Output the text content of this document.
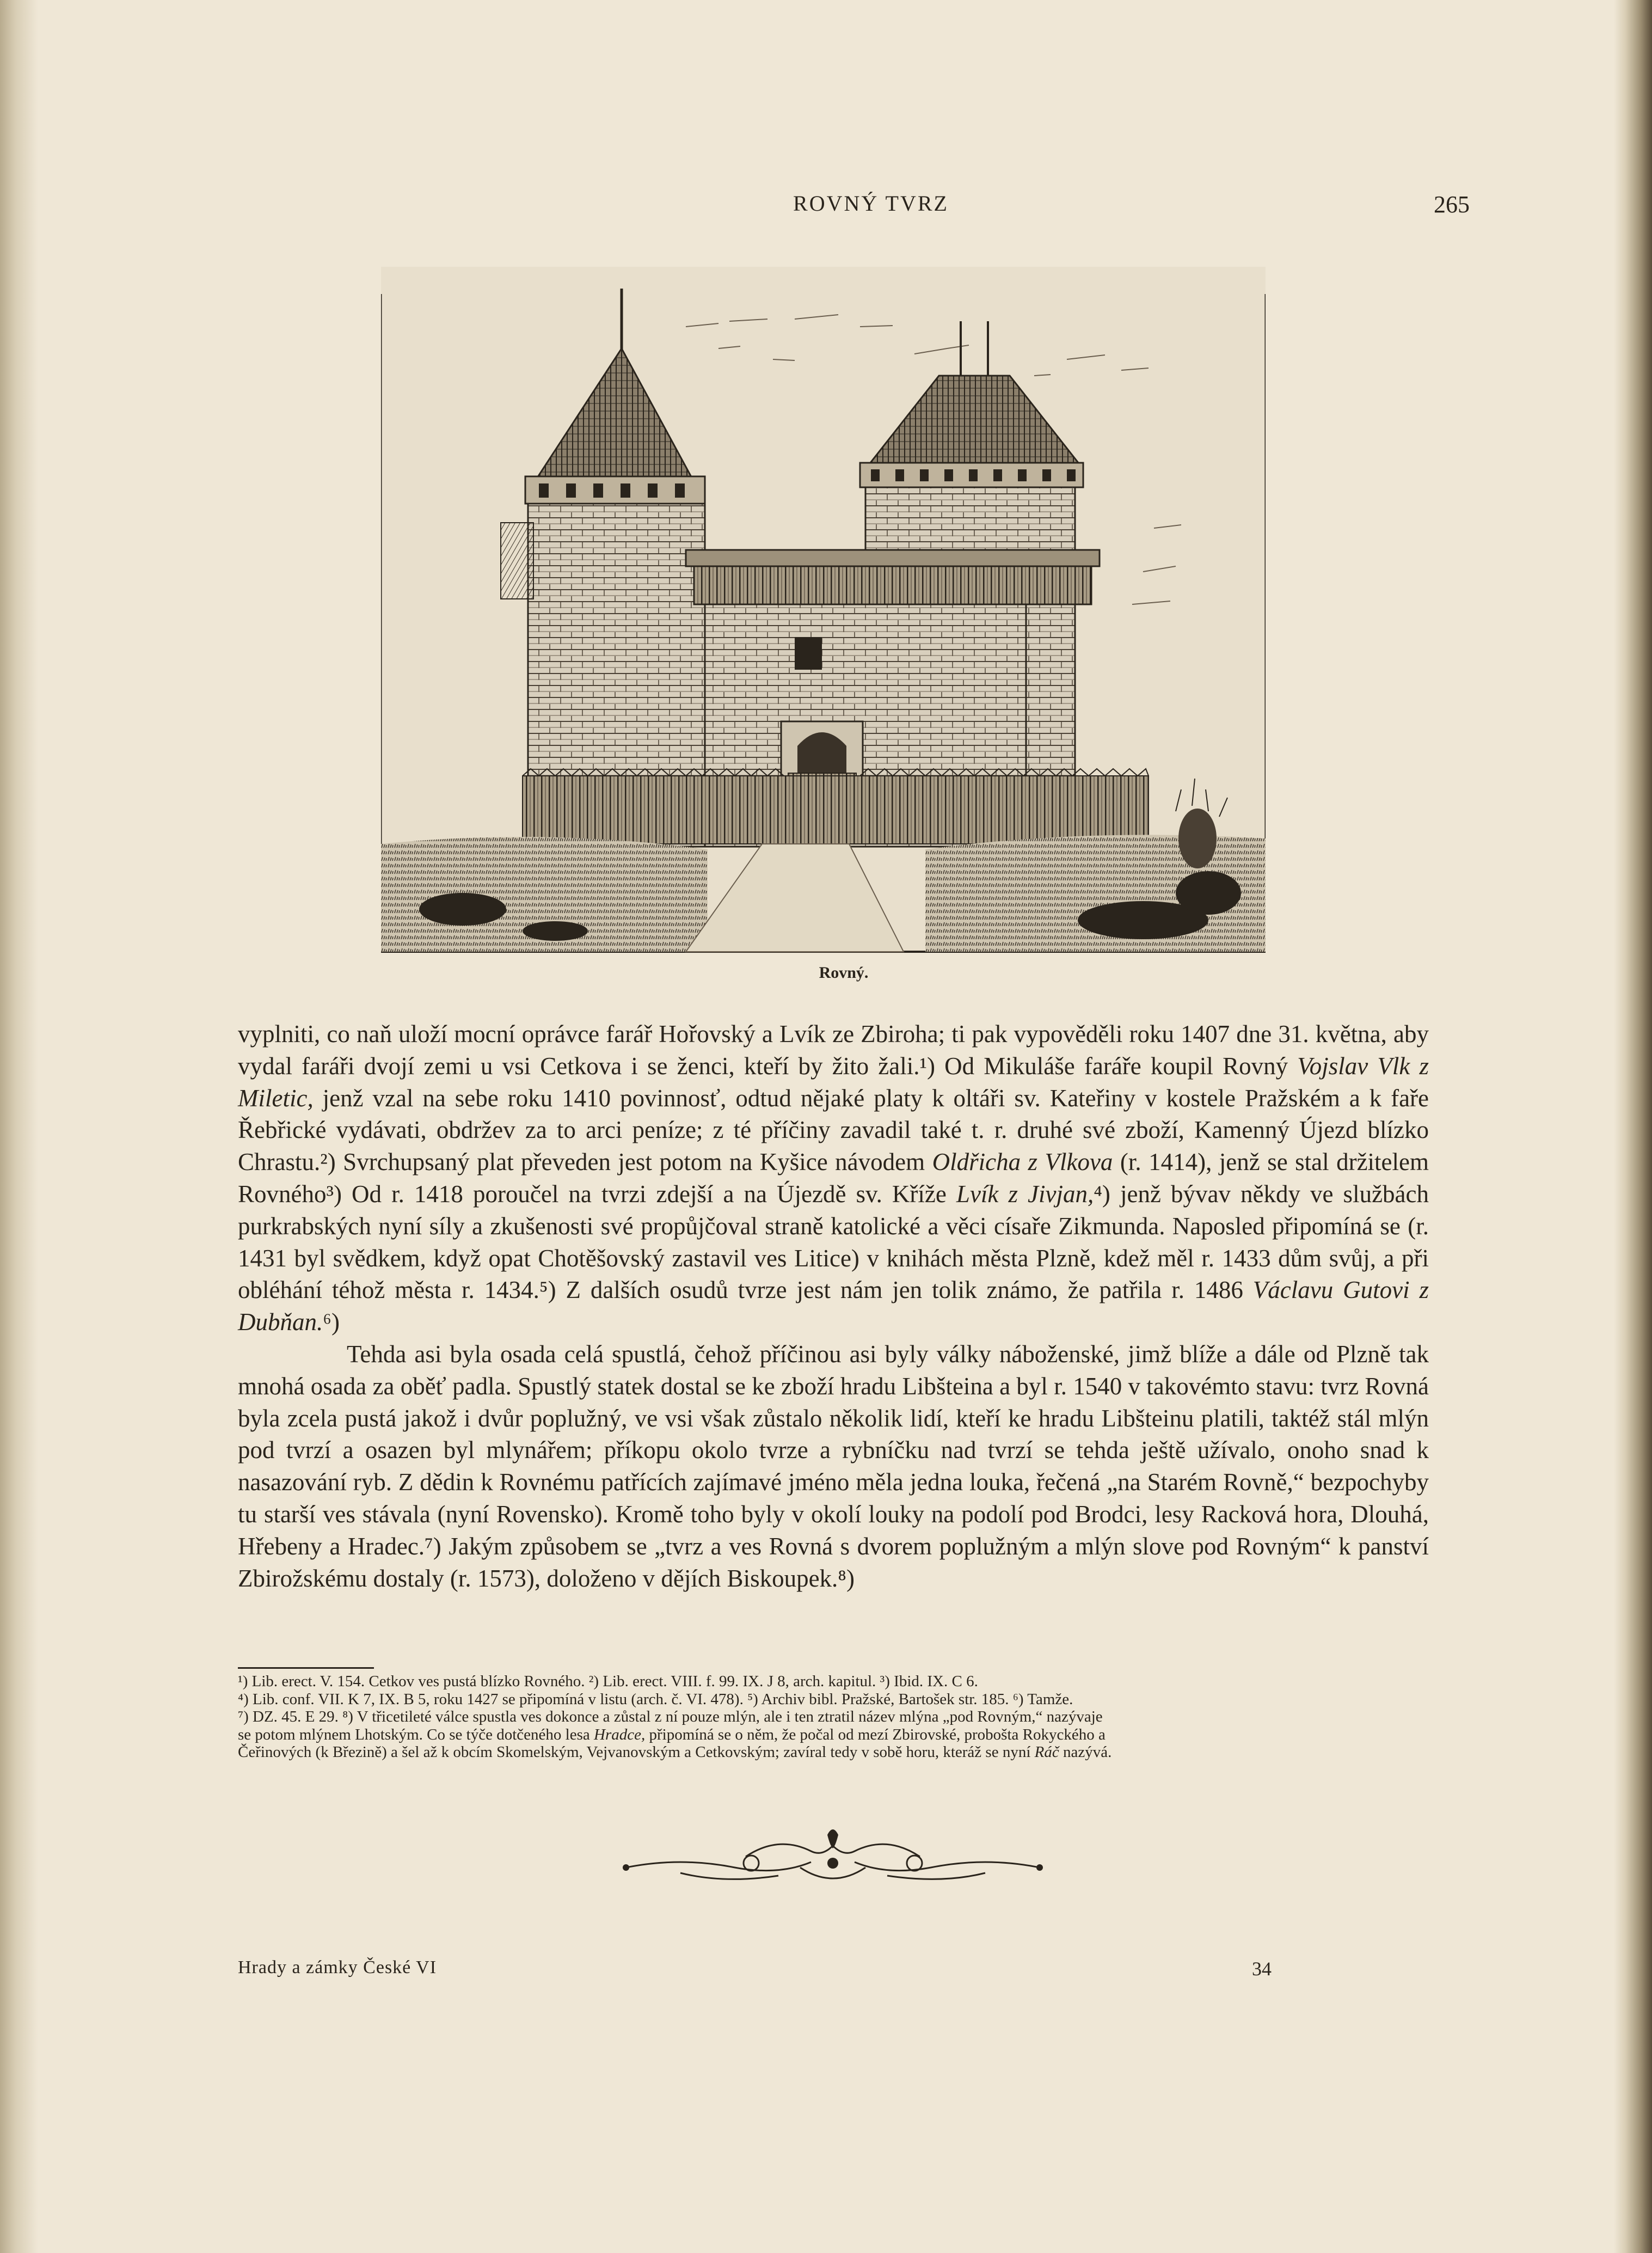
ROVNÝ TVRZ	265
Rovný.

vyplniti, co naň uloží mocní oprávce farář Hořovský a Lvík ze Zbiroha; ti pak vypověděli roku 1407 dne 31. května, aby vydal faráři dvojí zemi u vsi Cetkova i se ženci, kteří by žito žali.¹) Od Mikuláše faráře koupil Rovný Vojslav Vlk z Miletic, jenž vzal na sebe roku 1410 povinnosť, odtud nějaké platy k oltáři sv. Kateřiny v kostele Pražském a k faře Řebřické vydávati, obdržev za to arci peníze; z té příčiny zavadil také t. r. druhé své zboží, Kamenný Újezd blízko Chrastu.²) Svrchupsaný plat převeden jest potom na Kyšice návodem Oldřicha z Vlkova (r. 1414), jenž se stal držitelem Rovného³) Od r. 1418 poroučel na tvrzi zdejší a na Újezdě sv. Kříže Lvík z Jivjan,⁴) jenž bývav někdy ve službách purkrabských nyní síly a zkušenosti své propůjčoval straně katolické a věci císaře Zikmunda. Naposled připomíná se (r. 1431 byl svědkem, když opat Chotěšovský zastavil ves Litice) v knihách města Plzně, kdež měl r. 1433 dům svůj, a při obléhání téhož města r. 1434.⁵) Z dalších osudů tvrze jest nám jen tolik známo, že patřila r. 1486 Václavu Gutovi z Dubňan.⁶)

Tehda asi byla osada celá spustlá, čehož příčinou asi byly války náboženské, jimž blíže a dále od Plzně tak mnohá osada za oběť padla. Spustlý statek dostal se ke zboží hradu Libšteina a byl r. 1540 v takovémto stavu: tvrz Rovná byla zcela pustá jakož i dvůr poplužný, ve vsi však zůstalo několik lidí, kteří ke hradu Libšteinu platili, taktéž stál mlýn pod tvrzí a osazen byl mlynářem; příkopu okolo tvrze a rybníčku nad tvrzí se tehda ještě užívalo, onoho snad k nasazování ryb. Z dědin k Rovnému patřících zajímavé jméno měla jedna louka, řečená „na Starém Rovně,“ bezpochyby tu starší ves stávala (nyní Rovensko). Kromě toho byly v okolí louky na podolí pod Brodci, lesy Racková hora, Dlouhá, Hřebeny a Hradec.⁷) Jakým způsobem se „tvrz a ves Rovná s dvorem poplužným a mlýn slove pod Rovným“ k panství Zbirožskému dostaly (r. 1573), doloženo v dějích Biskoupek.⁸)

¹) Lib. erect. V. 154. Cetkov ves pustá blízko Rovného. ²) Lib. erect. VIII. f. 99. IX. J 8, arch. kapitul. ³) Ibid. IX. C 6.

⁴) Lib. conf. VII. K 7, IX. B 5, roku 1427 se připomíná v listu (arch. č. VI. 478). ⁵) Archiv bibl. Pražské, Bartošek str. 185. ⁶) Tamže.

⁷) DZ. 45. E 29. ⁸) V třicetileté válce spustla ves dokonce a zůstal z ní pouze mlýn, ale i ten ztratil název mlýna „pod Rovným,“ nazývaje

se potom mlýnem Lhotským. Co se týče dotčeného lesa Hradce, připomíná se o něm, že počal od mezí Zbirovské, proboštа Rokyckého a

Čeřinových (k Březině) a šel až k obcím Skomelským, Vejvanovským a Cetkovským; zavíral tedy v sobě horu, kteráž se nyní Ráč nazývá.

Hrady a zámky České VI	34
